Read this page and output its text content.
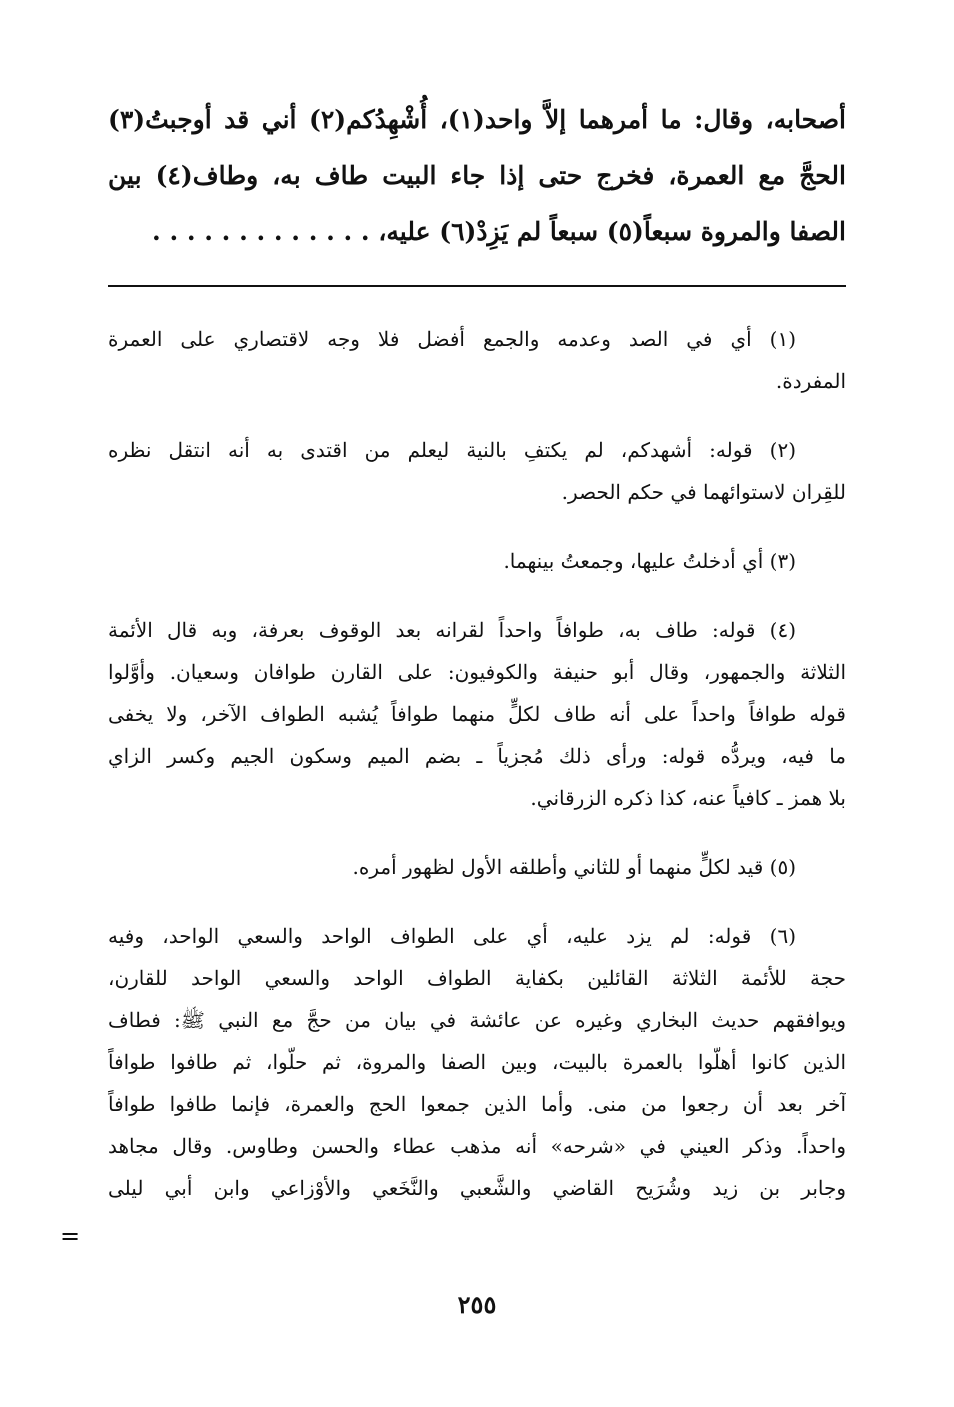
أصحابه، وقال: ما أمرهما إلاَّ واحد(١)، أُشْهِدُكم(٢) أني قد أوجبتُ(٣)
الحجَّ مع العمرة، فخرج حتى إذا جاء البيت طاف به، وطاف(٤) بين
الصفا والمروة سبعاً(٥) سبعاً لم يَزِدْ(٦) عليه، . . . . . . . . . . . . .
(١) أي في الصد وعدمه والجمع أفضل فلا وجه لاقتصاري على العمرة
المفردة.
(٢) قوله: أشهدكم، لم يكتفِ بالنية ليعلم من اقتدى به أنه انتقل نظره
للقِران لاستوائهما في حكم الحصر.
(٣) أي أدخلتُ عليها، وجمعتُ بينهما.
(٤) قوله: طاف به، طوافاً واحداً لقرانه بعد الوقوف بعرفة، وبه قال الأئمة
الثلاثة والجمهور، وقال أبو حنيفة والكوفيون: على القارن طوافان وسعيان. وأوَّلوا
قوله طوافاً واحداً على أنه طاف لكلٍّ منهما طوافاً يُشبه الطواف الآخر، ولا يخفى
ما فيه، ويردُّه قوله: ورأى ذلك مُجزياً ـ بضم الميم وسكون الجيم وكسر الزاي
بلا همز ـ كافياً عنه، كذا ذكره الزرقاني.
(٥) قيد لكلٍّ منهما أو للثاني وأطلقه الأول لظهور أمره.
(٦) قوله: لم يزد عليه، أي على الطواف الواحد والسعي الواحد، وفيه
حجة للأئمة الثلاثة القائلين بكفاية الطواف الواحد والسعي الواحد للقارن،
ويوافقهم حديث البخاري وغيره عن عائشة في بيان من حجَّ مع النبي ﷺ: فطاف
الذين كانوا أهلّوا بالعمرة بالبيت، وبين الصفا والمروة، ثم حلّوا، ثم طافوا طوافاً
آخر بعد أن رجعوا من منى. وأما الذين جمعوا الحج والعمرة، فإنما طافوا طوافاً
واحداً. وذكر العيني في «شرحه» أنه مذهب عطاء والحسن وطاوس. وقال مجاهد
وجابر بن زيد وشُرَيح القاضي والشَّعبي والنَّخَعي والأوْزاعي وابن أبي ليلى
=
٢٥٥
